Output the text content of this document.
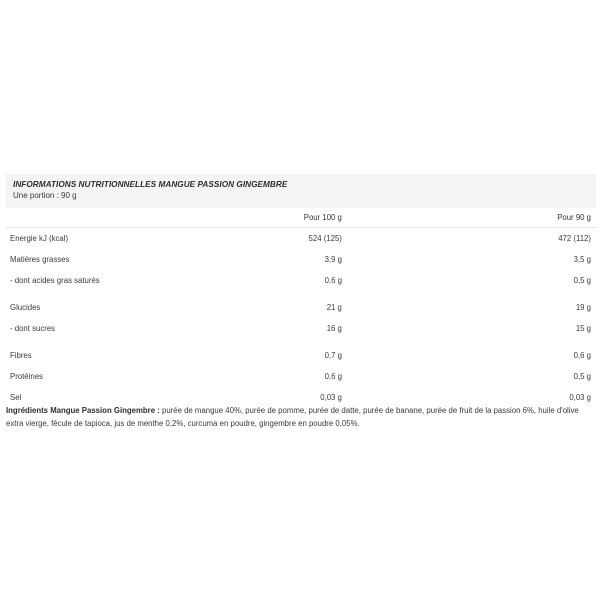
INFORMATIONS NUTRITIONNELLES MANGUE PASSION GINGEMBRE
Une portion : 90 g
	Pour 100 g	Pour 90 g
Energie kJ (kcal)	524 (125)	472 (112)
Matières grasses	3,9 g	3,5 g
- dont acides gras saturés	0,6 g	0,5 g

Glucides	21 g	19 g
- dont sucres	16 g	15 g

Fibres	0,7 g	0,6 g
Protéines	0,6 g	0,5 g
Sel	0,03 g	0,03 g
Ingrédients Mangue Passion Gingembre : purée de mangue 40%, purée de pomme, purée de datte, purée de banane, purée de fruit de la passion 6%, huile d'olive extra vierge, fécule de tapioca, jus de menthe 0,2%, curcuma en poudre, gingembre en poudre 0,05%.
